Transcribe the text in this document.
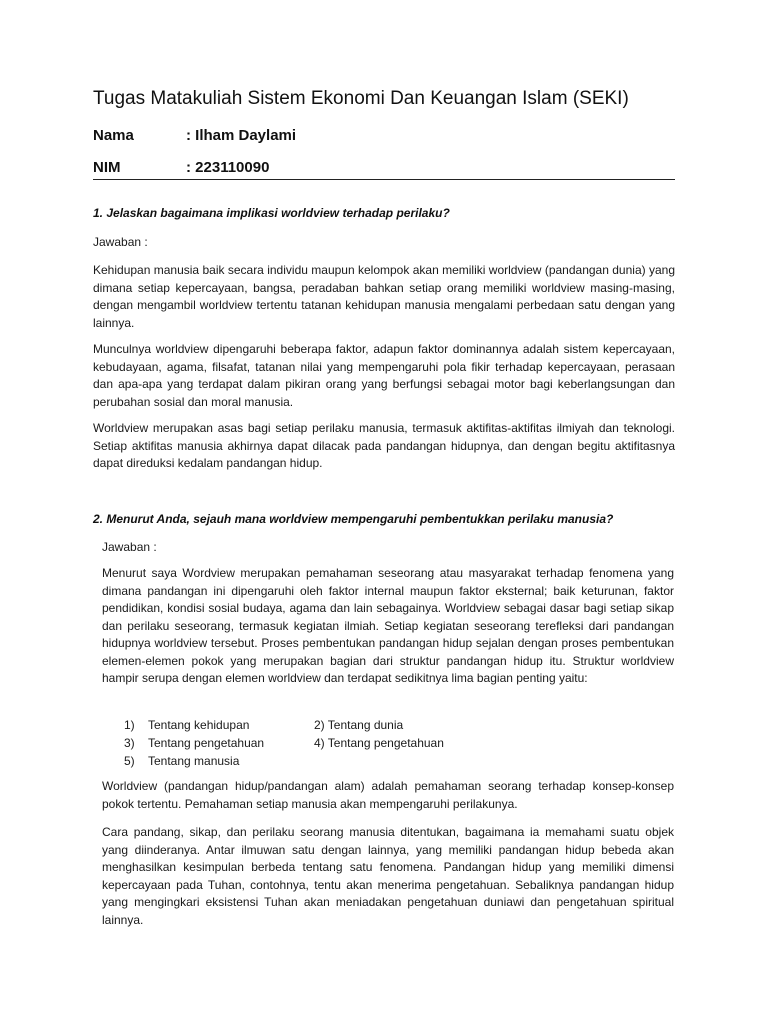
Tugas Matakuliah Sistem Ekonomi Dan Keuangan Islam (SEKI)
Nama	: Ilham Daylami
NIM	: 223110090

1. Jelaskan bagaimana implikasi worldview terhadap perilaku?

Jawaban :

Kehidupan manusia baik secara individu maupun kelompok akan memiliki worldview (pandangan dunia) yang dimana setiap kepercayaan, bangsa, peradaban bahkan setiap orang memiliki worldview masing-masing, dengan mengambil worldview tertentu tatanan kehidupan manusia mengalami perbedaan satu dengan yang lainnya.

Munculnya worldview dipengaruhi beberapa faktor, adapun faktor dominannya adalah sistem kepercayaan, kebudayaan, agama, filsafat, tatanan nilai yang mempengaruhi pola fikir terhadap kepercayaan, perasaan dan apa-apa yang terdapat dalam pikiran orang yang berfungsi sebagai motor bagi keberlangsungan dan perubahan sosial dan moral manusia.

Worldview merupakan asas bagi setiap perilaku manusia, termasuk aktifitas-aktifitas ilmiyah dan teknologi. Setiap aktifitas manusia akhirnya dapat dilacak pada pandangan hidupnya, dan dengan begitu aktifitasnya dapat direduksi kedalam pandangan hidup.

2. Menurut Anda, sejauh mana worldview mempengaruhi pembentukkan perilaku manusia?

Jawaban :

Menurut saya Wordview merupakan pemahaman seseorang atau masyarakat terhadap fenomena yang dimana pandangan ini dipengaruhi oleh faktor internal maupun faktor eksternal; baik keturunan, faktor pendidikan, kondisi sosial budaya, agama dan lain sebagainya. Worldview sebagai dasar bagi setiap sikap dan perilaku seseorang, termasuk kegiatan ilmiah. Setiap kegiatan seseorang terefleksi dari pandangan hidupnya worldview tersebut. Proses pembentukan pandangan hidup sejalan dengan proses pembentukan elemen-elemen pokok yang merupakan bagian dari struktur pandangan hidup itu. Struktur worldview hampir serupa dengan elemen worldview dan terdapat sedikitnya lima bagian penting yaitu:

1) Tentang kehidupan	2) Tentang dunia
3) Tentang pengetahuan	4) Tentang pengetahuan
5) Tentang manusia

Worldview (pandangan hidup/pandangan alam) adalah pemahaman seorang terhadap konsep-konsep pokok tertentu. Pemahaman setiap manusia akan mempengaruhi perilakunya.

Cara pandang, sikap, dan perilaku seorang manusia ditentukan, bagaimana ia memahami suatu objek yang diinderanya. Antar ilmuwan satu dengan lainnya, yang memiliki pandangan hidup bebeda akan menghasilkan kesimpulan berbeda tentang satu fenomena. Pandangan hidup yang memiliki dimensi kepercayaan pada Tuhan, contohnya, tentu akan menerima pengetahuan. Sebaliknya pandangan hidup yang mengingkari eksistensi Tuhan akan meniadakan pengetahuan duniawi dan pengetahuan spiritual lainnya.
